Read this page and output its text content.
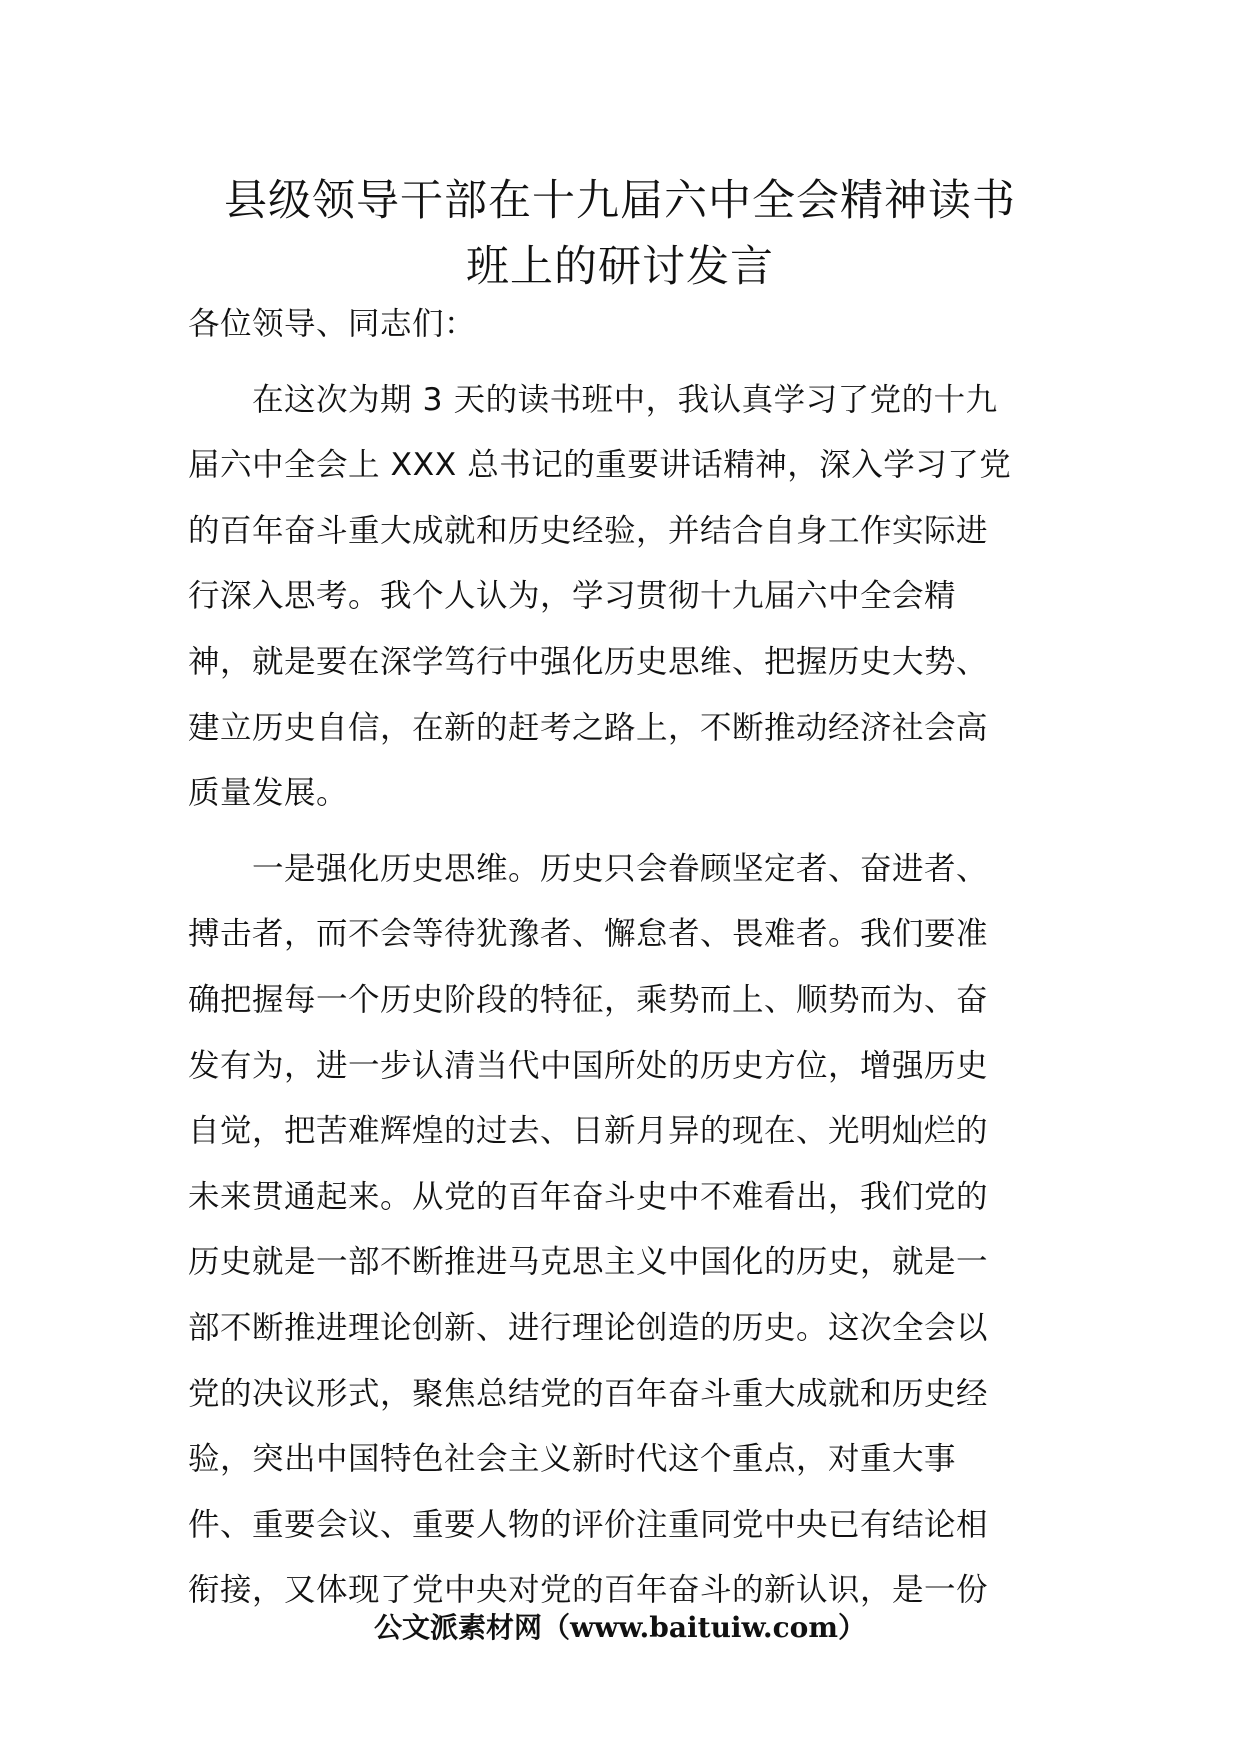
县级领导干部在十九届六中全会精神读书
班上的研讨发言

各位领导、同志们：

　　在这次为期 3 天的读书班中，我认真学习了党的十九
届六中全会上 XXX 总书记的重要讲话精神，深入学习了党
的百年奋斗重大成就和历史经验，并结合自身工作实际进
行深入思考。我个人认为，学习贯彻十九届六中全会精
神，就是要在深学笃行中强化历史思维、把握历史大势、
建立历史自信，在新的赶考之路上，不断推动经济社会高
质量发展。

　　一是强化历史思维。历史只会眷顾坚定者、奋进者、
搏击者，而不会等待犹豫者、懈怠者、畏难者。我们要准
确把握每一个历史阶段的特征，乘势而上、顺势而为、奋
发有为，进一步认清当代中国所处的历史方位，增强历史
自觉，把苦难辉煌的过去、日新月异的现在、光明灿烂的
未来贯通起来。从党的百年奋斗史中不难看出，我们党的
历史就是一部不断推进马克思主义中国化的历史，就是一
部不断推进理论创新、进行理论创造的历史。这次全会以
党的决议形式，聚焦总结党的百年奋斗重大成就和历史经
验，突出中国特色社会主义新时代这个重点，对重大事
件、重要会议、重要人物的评价注重同党中央已有结论相
衔接，又体现了党中央对党的百年奋斗的新认识，是一份

公文派素材网（www.baituiw.com）
